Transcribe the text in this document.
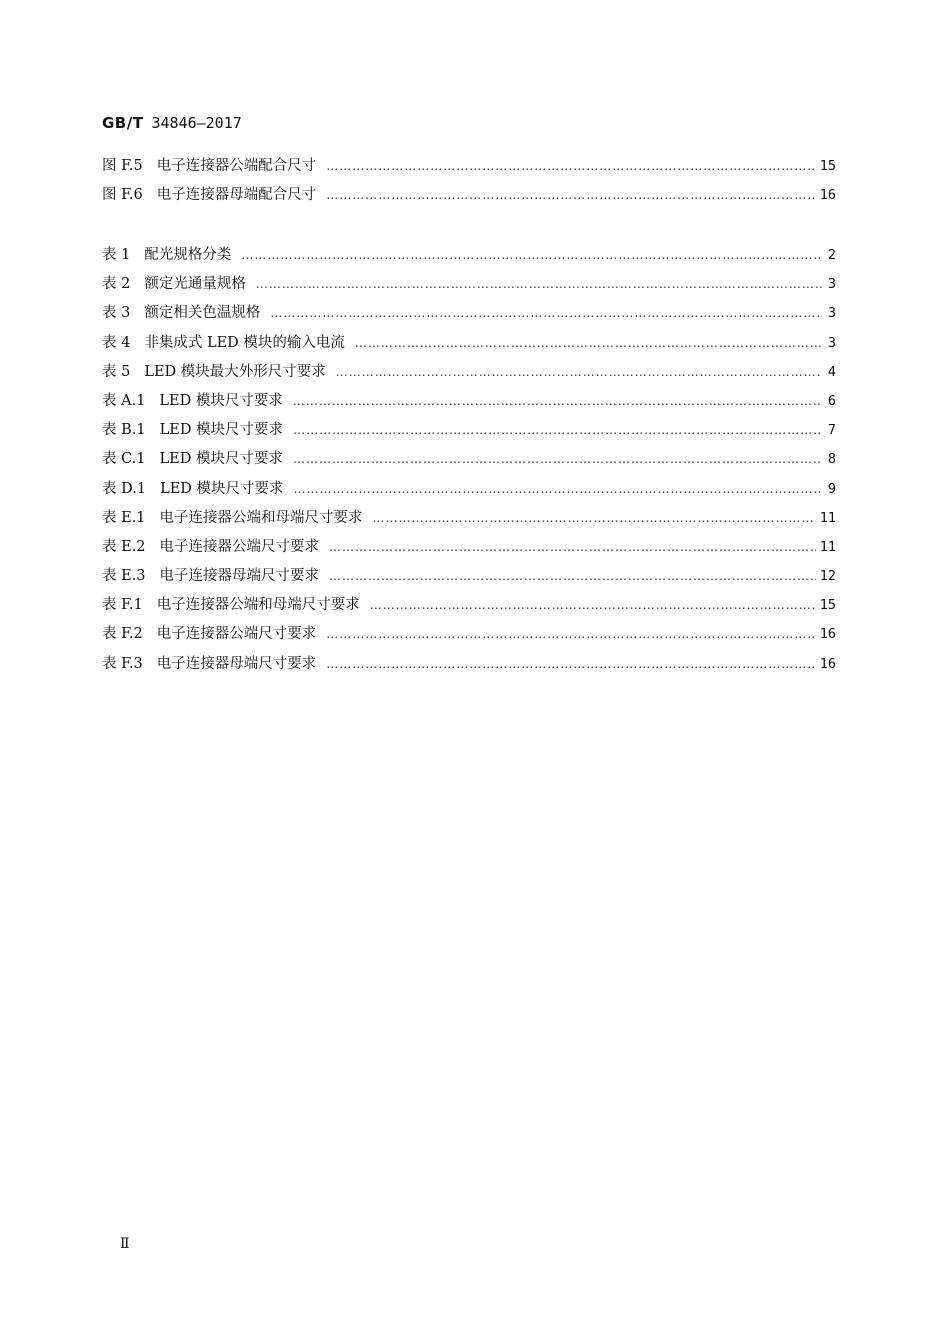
GB/T 34846—2017
图 F.5 电子连接器公端配合尺寸 ……………………………………………………………………………………………………………………………………………………………………	15
图 F.6 电子连接器母端配合尺寸 ……………………………………………………………………………………………………………………………………………………………………	16
表 1 配光规格分类 ……………………………………………………………………………………………………………………………………………………………………	2
表 2 额定光通量规格 ……………………………………………………………………………………………………………………………………………………………………	3
表 3 额定相关色温规格 ……………………………………………………………………………………………………………………………………………………………………	3
表 4 非集成式 LED 模块的输入电流 ……………………………………………………………………………………………………………………………………………………………………	3
表 5 LED 模块最大外形尺寸要求 ……………………………………………………………………………………………………………………………………………………………………	4
表 A.1 LED 模块尺寸要求 ……………………………………………………………………………………………………………………………………………………………………	6
表 B.1 LED 模块尺寸要求 ……………………………………………………………………………………………………………………………………………………………………	7
表 C.1 LED 模块尺寸要求 ……………………………………………………………………………………………………………………………………………………………………	8
表 D.1 LED 模块尺寸要求 ……………………………………………………………………………………………………………………………………………………………………	9
表 E.1 电子连接器公端和母端尺寸要求 ……………………………………………………………………………………………………………………………………………………………………	11
表 E.2 电子连接器公端尺寸要求 ……………………………………………………………………………………………………………………………………………………………………	11
表 E.3 电子连接器母端尺寸要求 ……………………………………………………………………………………………………………………………………………………………………	12
表 F.1 电子连接器公端和母端尺寸要求 ……………………………………………………………………………………………………………………………………………………………………	15
表 F.2 电子连接器公端尺寸要求 ……………………………………………………………………………………………………………………………………………………………………	16
表 F.3 电子连接器母端尺寸要求 ……………………………………………………………………………………………………………………………………………………………………	16
Ⅱ
